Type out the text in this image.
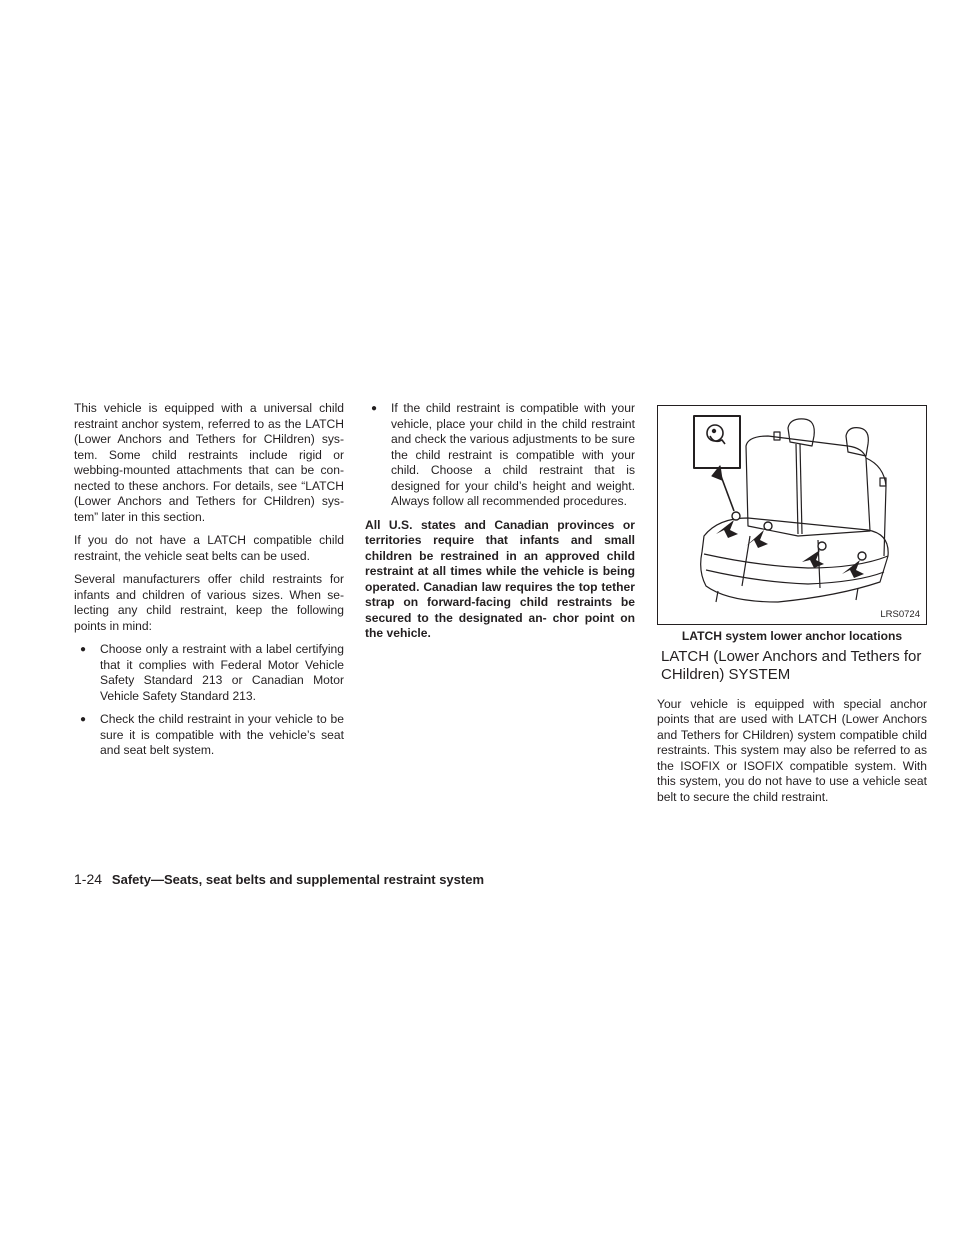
This vehicle is equipped with a universal child restraint anchor system, referred to as the LATCH (Lower Anchors and Tethers for CHildren) sys- tem. Some child restraints include rigid or webbing-mounted attachments that can be con- nected to these anchors. For details, see “LATCH (Lower Anchors and Tethers for CHildren) sys- tem” later in this section.

If you do not have a LATCH compatible child restraint, the vehicle seat belts can be used.

Several manufacturers offer child restraints for infants and children of various sizes. When se- lecting any child restraint, keep the following points in mind:

● Choose only a restraint with a label certifying that it complies with Federal Motor Vehicle Safety Standard 213 or Canadian Motor Vehicle Safety Standard 213.
● Check the child restraint in your vehicle to be sure it is compatible with the vehicle’s seat and seat belt system.
● If the child restraint is compatible with your vehicle, place your child in the child restraint and check the various adjustments to be sure the child restraint is compatible with your child. Choose a child restraint that is designed for your child’s height and weight. Always follow all recommended procedures.

All U.S. states and Canadian provinces or territories require that infants and small children be restrained in an approved child restraint at all times while the vehicle is being operated. Canadian law requires the top tether strap on forward-facing child restraints be secured to the designated an- chor point on the vehicle.

LRS0724
LATCH system lower anchor locations
LATCH (Lower Anchors and Tethers for CHildren) SYSTEM

Your vehicle is equipped with special anchor points that are used with LATCH (Lower Anchors and Tethers for CHildren) system compatible child restraints. This system may also be referred to as the ISOFIX or ISOFIX compatible system. With this system, you do not have to use a vehicle seat belt to secure the child restraint.

1-24 Safety—Seats, seat belts and supplemental restraint system
